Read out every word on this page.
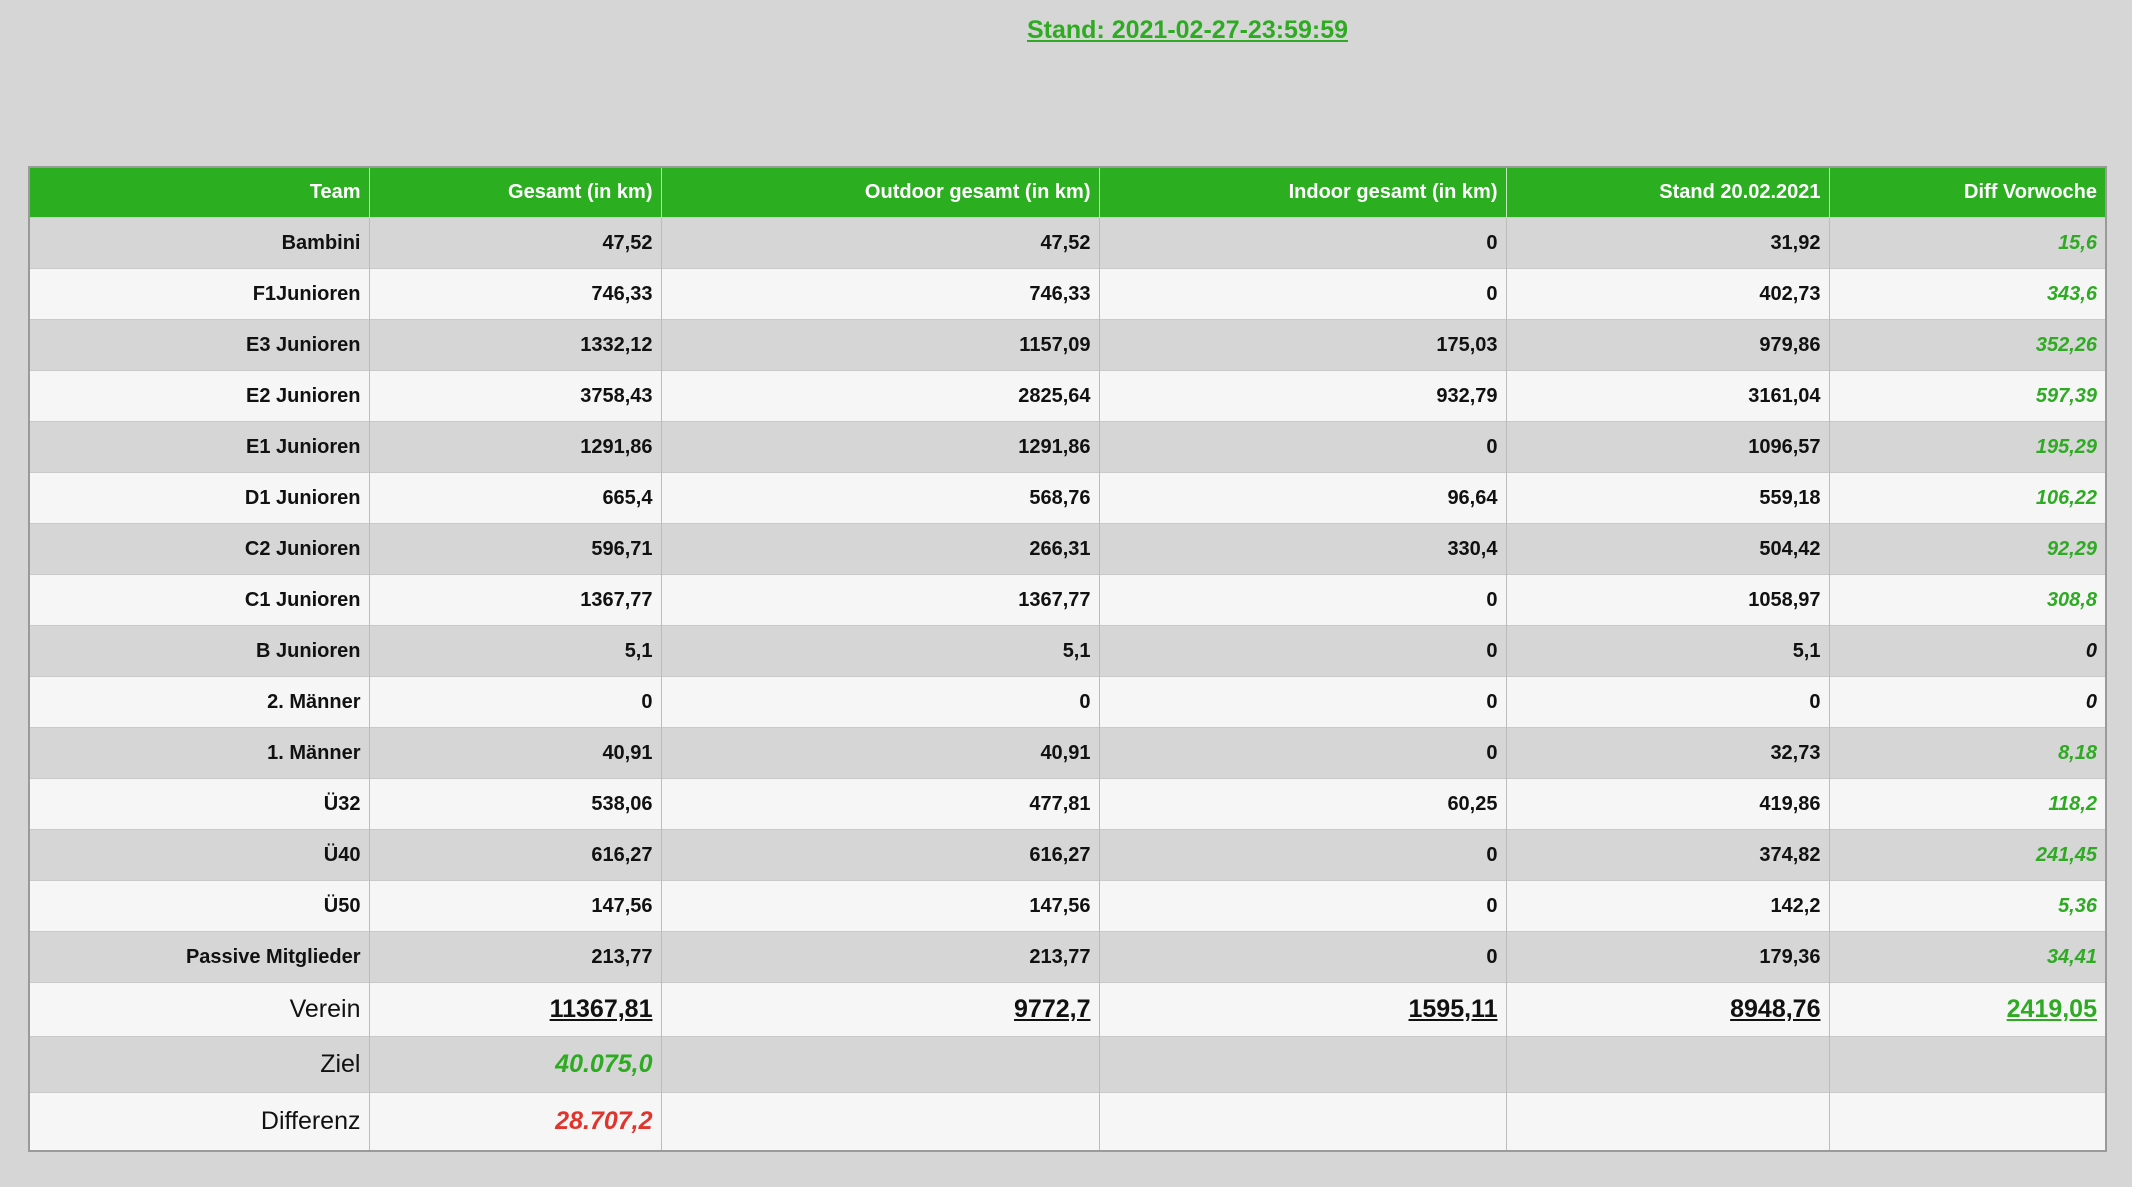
Stand: 2021-02-27-23:59:59
Team	Gesamt (in km)	Outdoor gesamt (in km)	Indoor gesamt (in km)	Stand 20.02.2021	Diff Vorwoche
Bambini	47,52	47,52	0	31,92	15,6
F1Junioren	746,33	746,33	0	402,73	343,6
E3 Junioren	1332,12	1157,09	175,03	979,86	352,26
E2 Junioren	3758,43	2825,64	932,79	3161,04	597,39
E1 Junioren	1291,86	1291,86	0	1096,57	195,29
D1 Junioren	665,4	568,76	96,64	559,18	106,22
C2 Junioren	596,71	266,31	330,4	504,42	92,29
C1 Junioren	1367,77	1367,77	0	1058,97	308,8
B Junioren	5,1	5,1	0	5,1	0
2. Männer	0	0	0	0	0
1. Männer	40,91	40,91	0	32,73	8,18
Ü32	538,06	477,81	60,25	419,86	118,2
Ü40	616,27	616,27	0	374,82	241,45
Ü50	147,56	147,56	0	142,2	5,36
Passive Mitglieder	213,77	213,77	0	179,36	34,41
Verein	11367,81	9772,7	1595,11	8948,76	2419,05
Ziel	40.075,0				
Differenz	28.707,2				
